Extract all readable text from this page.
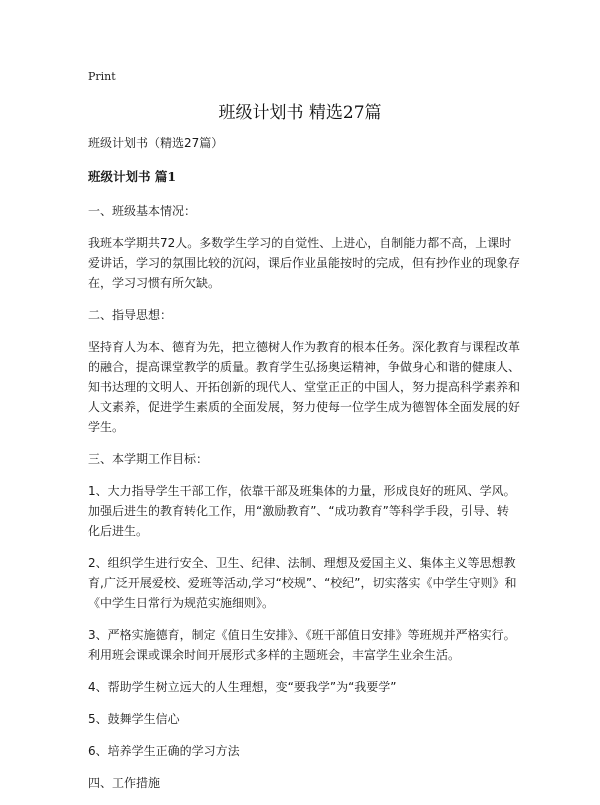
Print
班级计划书 精选27篇

班级计划书（精选27篇）

班级计划书 篇1

一、班级基本情况：

我班本学期共72人。多数学生学习的自觉性、上进心，自制能力都不高，上课时爱讲话，学习的氛围比较的沉闷，课后作业虽能按时的完成，但有抄作业的现象存在，学习习惯有所欠缺。

二、指导思想：

坚持育人为本、德育为先，把立德树人作为教育的根本任务。深化教育与课程改革的融合，提高课堂教学的质量。教育学生弘扬奥运精神，争做身心和谐的健康人、知书达理的文明人、开拓创新的现代人、堂堂正正的中国人，努力提高科学素养和人文素养，促进学生素质的全面发展，努力使每一位学生成为德智体全面发展的好学生。

三、本学期工作目标：

1、大力指导学生干部工作，依靠干部及班集体的力量，形成良好的班风、学风。加强后进生的教育转化工作，用“激励教育”、“成功教育”等科学手段，引导、转化后进生。

2、组织学生进行安全、卫生、纪律、法制、理想及爱国主义、集体主义等思想教育,广泛开展爱校、爱班等活动,学习“校规”、“校纪”，切实落实《中学生守则》和《中学生日常行为规范实施细则》。

3、严格实施德育，制定《值日生安排》、《班干部值日安排》等班规并严格实行。利用班会课或课余时间开展形式多样的主题班会，丰富学生业余生活。

4、帮助学生树立远大的人生理想，变“要我学”为“我要学”

5、鼓舞学生信心

6、培养学生正确的学习方法

四、工作措施
